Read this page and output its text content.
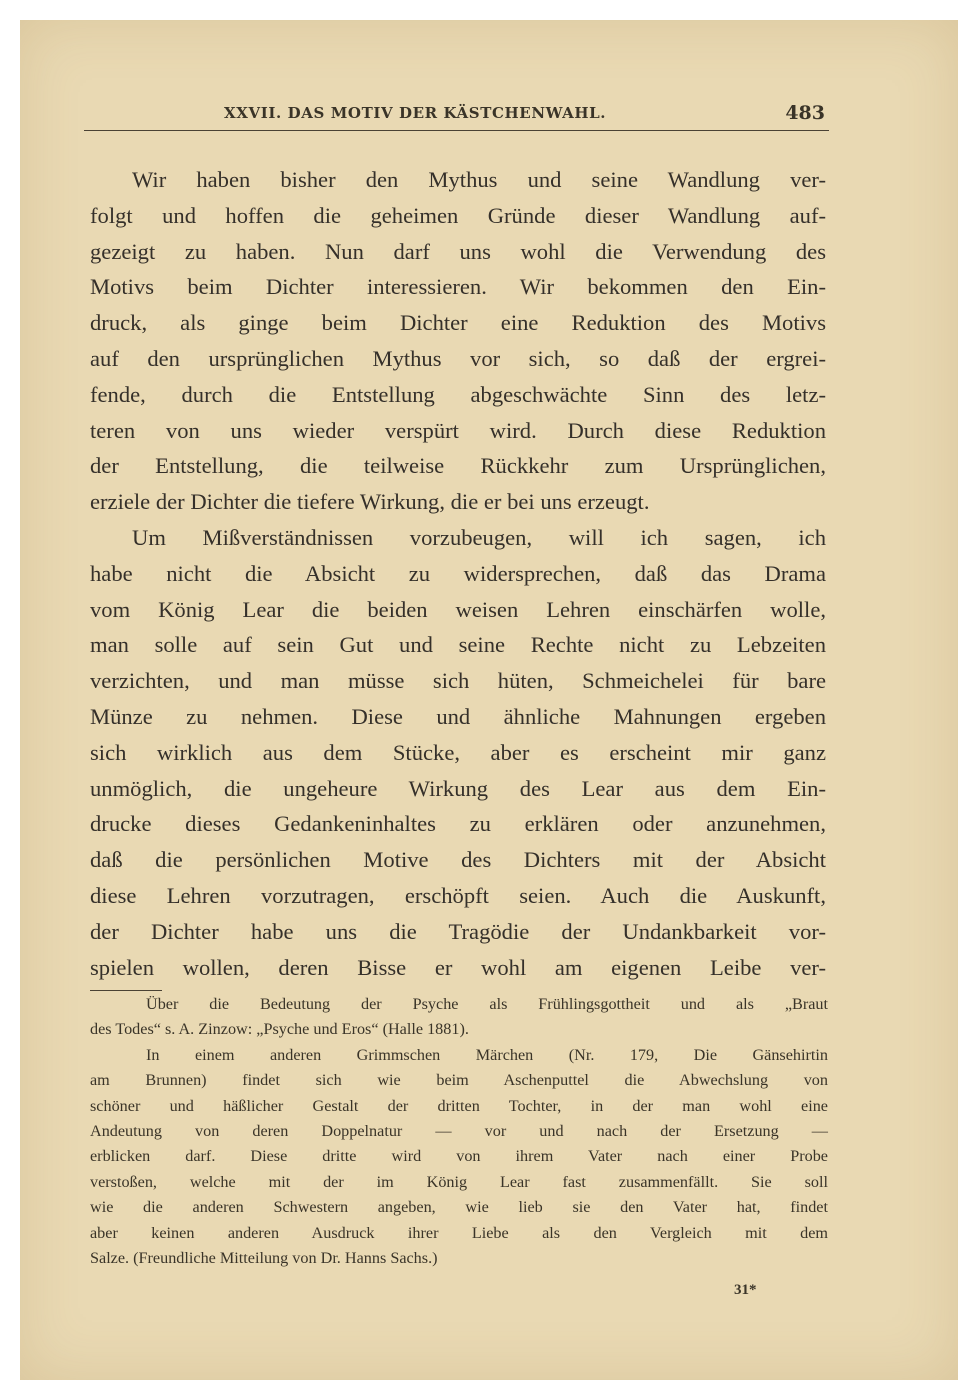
XXVII. DAS MOTIV DER KÄSTCHENWAHL.	483
Wir haben bisher den Mythus und seine Wandlung ver-
folgt und hoffen die geheimen Gründe dieser Wandlung auf-
gezeigt zu haben. Nun darf uns wohl die Verwendung des
Motivs beim Dichter interessieren. Wir bekommen den Ein-
druck, als ginge beim Dichter eine Reduktion des Motivs
auf den ursprünglichen Mythus vor sich, so daß der ergrei-
fende, durch die Entstellung abgeschwächte Sinn des letz-
teren von uns wieder verspürt wird. Durch diese Reduktion
der Entstellung, die teilweise Rückkehr zum Ursprünglichen,
erziele der Dichter die tiefere Wirkung, die er bei uns erzeugt.
Um Mißverständnissen vorzubeugen, will ich sagen, ich
habe nicht die Absicht zu widersprechen, daß das Drama
vom König Lear die beiden weisen Lehren einschärfen wolle,
man solle auf sein Gut und seine Rechte nicht zu Lebzeiten
verzichten, und man müsse sich hüten, Schmeichelei für bare
Münze zu nehmen. Diese und ähnliche Mahnungen ergeben
sich wirklich aus dem Stücke, aber es erscheint mir ganz
unmöglich, die ungeheure Wirkung des Lear aus dem Ein-
drucke dieses Gedankeninhaltes zu erklären oder anzunehmen,
daß die persönlichen Motive des Dichters mit der Absicht
diese Lehren vorzutragen, erschöpft seien. Auch die Auskunft,
der Dichter habe uns die Tragödie der Undankbarkeit vor-
spielen wollen, deren Bisse er wohl am eigenen Leibe ver-
Über die Bedeutung der Psyche als Frühlingsgottheit und als „Braut
des Todes“ s. A. Zinzow: „Psyche und Eros“ (Halle 1881).
In einem anderen Grimmschen Märchen (Nr. 179, Die Gänsehirtin
am Brunnen) findet sich wie beim Aschenputtel die Abwechslung von
schöner und häßlicher Gestalt der dritten Tochter, in der man wohl eine
Andeutung von deren Doppelnatur — vor und nach der Ersetzung —
erblicken darf. Diese dritte wird von ihrem Vater nach einer Probe
verstoßen, welche mit der im König Lear fast zusammenfällt. Sie soll
wie die anderen Schwestern angeben, wie lieb sie den Vater hat, findet
aber keinen anderen Ausdruck ihrer Liebe als den Vergleich mit dem
Salze. (Freundliche Mitteilung von Dr. Hanns Sachs.)
31*
